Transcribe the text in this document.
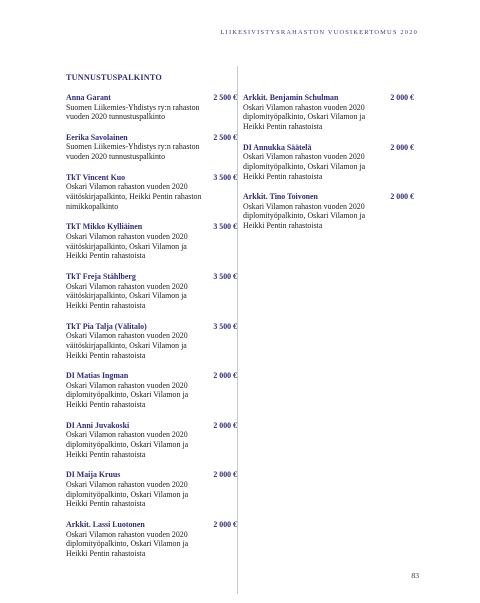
LIIKESIVISTYSRAHASTON VUOSIKERTOMUS 2020
TUNNUSTUSPALKINTO
Anna Garant	2 500 €
Suomen Liikemies-Yhdistys ry:n rahaston
vuoden 2020 tunnustuspalkinto
Eerika Savolainen	2 500 €
Suomen Liikemies-Yhdistys ry:n rahaston
vuoden 2020 tunnustuspalkinto
TkT Vincent Kuo	3 500 €
Oskari Vilamon rahaston vuoden 2020
väitöskirjapalkinto, Heikki Pentin rahaston
nimikkopalkinto
TkT Mikko Kylliäinen	3 500 €
Oskari Vilamon rahaston vuoden 2020
väitöskirjapalkinto, Oskari Vilamon ja
Heikki Pentin rahastoista
TkT Freja Ståhlberg	3 500 €
Oskari Vilamon rahaston vuoden 2020
väitöskirjapalkinto, Oskari Vilamon ja
Heikki Pentin rahastoista
TkT Pia Talja (Välitalo)	3 500 €
Oskari Vilamon rahaston vuoden 2020
väitöskirjapalkinto, Oskari Vilamon ja
Heikki Pentin rahastoista
DI Matias Ingman	2 000 €
Oskari Vilamon rahaston vuoden 2020
diplomityöpalkinto, Oskari Vilamon ja
Heikki Pentin rahastoista
DI Anni Juvakoski	2 000 €
Oskari Vilamon rahaston vuoden 2020
diplomityöpalkinto, Oskari Vilamon ja
Heikki Pentin rahastoista
DI Maija Kruus	2 000 €
Oskari Vilamon rahaston vuoden 2020
diplomityöpalkinto, Oskari Vilamon ja
Heikki Pentin rahastoista
Arkkit. Lassi Luotonen	2 000 €
Oskari Vilamon rahaston vuoden 2020
diplomityöpalkinto, Oskari Vilamon ja
Heikki Pentin rahastoista
Arkkit. Benjamin Schulman	2 000 €
Oskari Vilamon rahaston vuoden 2020
diplomityöpalkinto, Oskari Vilamon ja
Heikki Pentin rahastoista
DI Annukka Säätelä	2 000 €
Oskari Vilamon rahaston vuoden 2020
diplomityöpalkinto, Oskari Vilamon ja
Heikki Pentin rahastoista
Arkkit. Tino Toivonen	2 000 €
Oskari Vilamon rahaston vuoden 2020
diplomityöpalkinto, Oskari Vilamon ja
Heikki Pentin rahastoista
83
